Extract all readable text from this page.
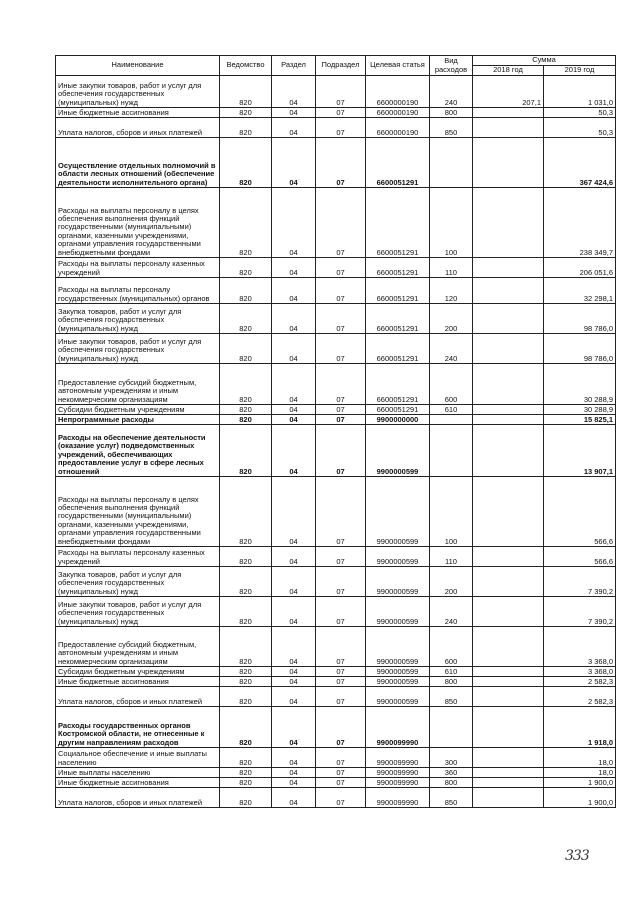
Наименование	Ведомство	Раздел	Подраздел	Целевая статья	Вид расходов	Сумма	
						2018 год	2019 год
Иные закупки товаров, работ и услуг для обеспечения государственных (муниципальных) нужд	820	04	07	6600000190	240	207,1	1 031,0
Иные бюджетные ассигнования	820	04	07	6600000190	800		50,3
Уплата налогов, сборов и иных платежей	820	04	07	6600000190	850		50,3
Осуществление отдельных полномочий в области лесных отношений (обеспечение деятельности исполнительного органа)	820	04	07	6600051291			367 424,6
Расходы на выплаты персоналу в целях обеспечения выполнения функций государственными (муниципальными) органами, казенными учреждениями, органами управления государственными внебюджетными фондами	820	04	07	6600051291	100		238 349,7
Расходы на выплаты персоналу казенных учреждений	820	04	07	6600051291	110		206 051,6
Расходы на выплаты персоналу государственных (муниципальных) органов	820	04	07	6600051291	120		32 298,1
Закупка товаров, работ и услуг для обеспечения государственных (муниципальных) нужд	820	04	07	6600051291	200		98 786,0
Иные закупки товаров, работ и услуг для обеспечения государственных (муниципальных) нужд	820	04	07	6600051291	240		98 786,0
Предоставление субсидий бюджетным, автономным учреждениям и иным некоммерческим организациям	820	04	07	6600051291	600		30 288,9
Субсидии бюджетным учреждениям	820	04	07	6600051291	610		30 288,9
Непрограммные расходы	820	04	07	9900000000			15 825,1
Расходы на обеспечение деятельности (оказание услуг) подведомственных учреждений, обеспечивающих предоставление услуг в сфере лесных отношений	820	04	07	9900000599			13 907,1
Расходы на выплаты персоналу в целях обеспечения выполнения функций государственными (муниципальными) органами, казенными учреждениями, органами управления государственными внебюджетными фондами	820	04	07	9900000599	100		566,6
Расходы на выплаты персоналу казенных учреждений	820	04	07	9900000599	110		566,6
Закупка товаров, работ и услуг для обеспечения государственных (муниципальных) нужд	820	04	07	9900000599	200		7 390,2
Иные закупки товаров, работ и услуг для обеспечения государственных (муниципальных) нужд	820	04	07	9900000599	240		7 390,2
Предоставление субсидий бюджетным, автономным учреждениям и иным некоммерческим организациям	820	04	07	9900000599	600		3 368,0
Субсидии бюджетным учреждениям	820	04	07	9900000599	610		3 368,0
Иные бюджетные ассигнования	820	04	07	9900000599	800		2 582,3
Уплата налогов, сборов и иных платежей	820	04	07	9900000599	850		2 582,3
Расходы государственных органов Костромской области, не отнесенные к другим направлениям расходов	820	04	07	9900099990			1 918,0
Социальное обеспечение и иные выплаты населению	820	04	07	9900099990	300		18,0
Иные выплаты населению	820	04	07	9900099990	360		18,0
Иные бюджетные ассигнования	820	04	07	9900099990	800		1 900,0
Уплата налогов, сборов и иных платежей	820	04	07	9900099990	850		1 900,0
333
